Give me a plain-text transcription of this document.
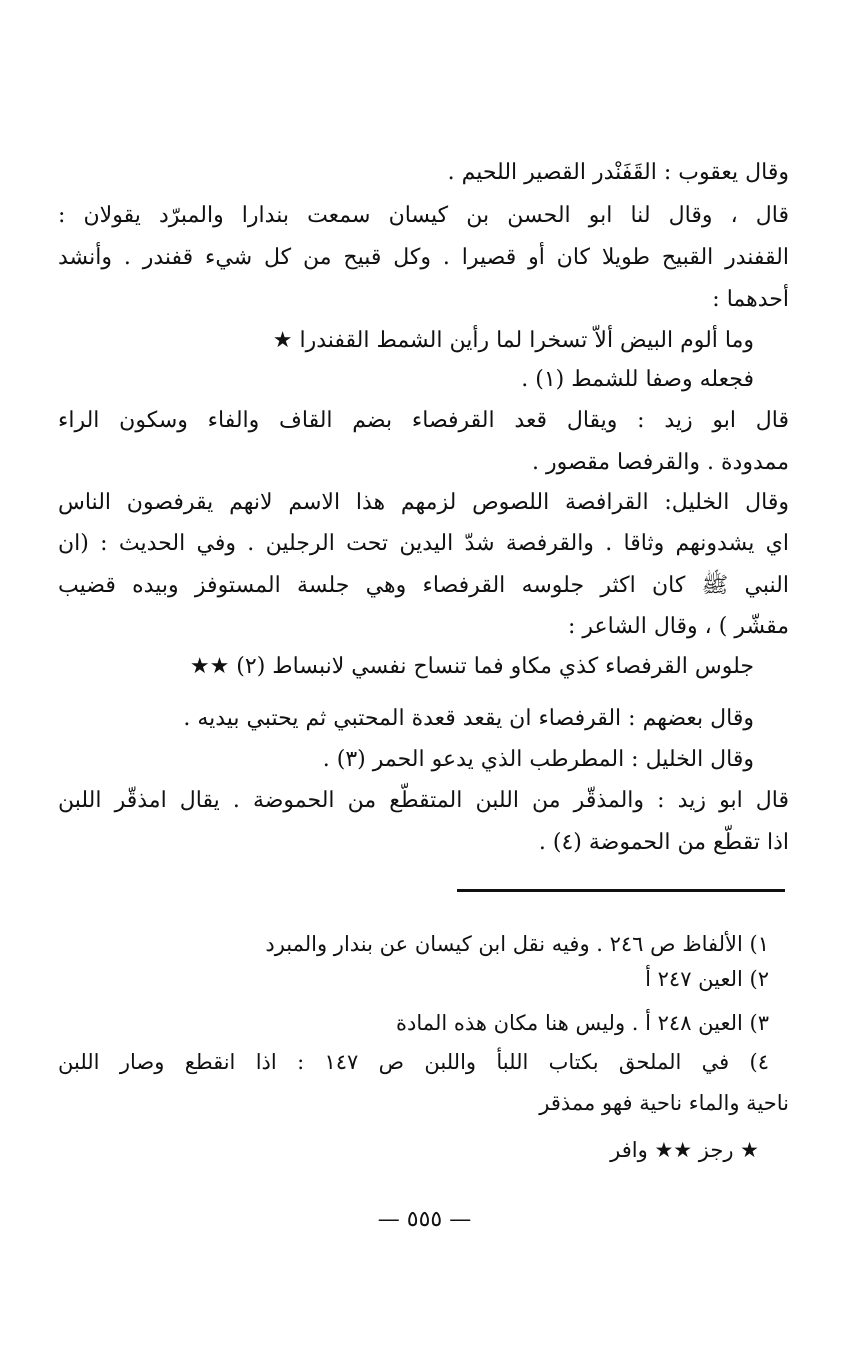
وقال يعقوب : القَفَنْدر القصير اللحيم .
قال ، وقال لنا ابو الحسن بن كيسان سمعت بندارا والمبرّد يقولان :
القفندر القبيح طويلا كان أو قصيرا . وكل قبيح من كل شيء قفندر . وأنشد
أحدهما :
وما ألوم البيض ألاّ تسخرا لما رأين الشمط القفندرا ★
فجعله وصفا للشمط (١) .
قال ابو زيد : ويقال قعد القرفصاء بضم القاف والفاء وسكون الراء
ممدودة . والقرفصا مقصور .
وقال الخليل: القرافصة اللصوص لزمهم هذا الاسم لانهم يقرفصون الناس
اي يشدونهم وثاقا . والقرفصة شدّ اليدين تحت الرجلين . وفي الحديث : (ان
النبي ﷺ كان اكثر جلوسه القرفصاء وهي جلسة المستوفز وبيده قضيب
مقشّر ) ، وقال الشاعر :
جلوس القرفصاء كذي مكاو فما تنساح نفسي لانبساط (٢) ★★
وقال بعضهم : القرفصاء ان يقعد قعدة المحتبي ثم يحتبي بيديه .
وقال الخليل : المطرطب الذي يدعو الحمر (٣) .
قال ابو زيد : والمذقّر من اللبن المتقطّع من الحموضة . يقال امذقّر اللبن
اذا تقطّع من الحموضة (٤) .
١) الألفاظ ص ٢٤٦ . وفيه نقل ابن كيسان عن بندار والمبرد
٢) العين ٢٤٧ أ
٣) العين ٢٤٨ أ . وليس هنا مكان هذه المادة
٤) في الملحق بكتاب اللبأ واللبن ص ١٤٧ : اذا انقطع وصار اللبن
ناحية والماء ناحية فهو ممذقر
★ رجز ★★ وافر
— ٥٥٥ —
